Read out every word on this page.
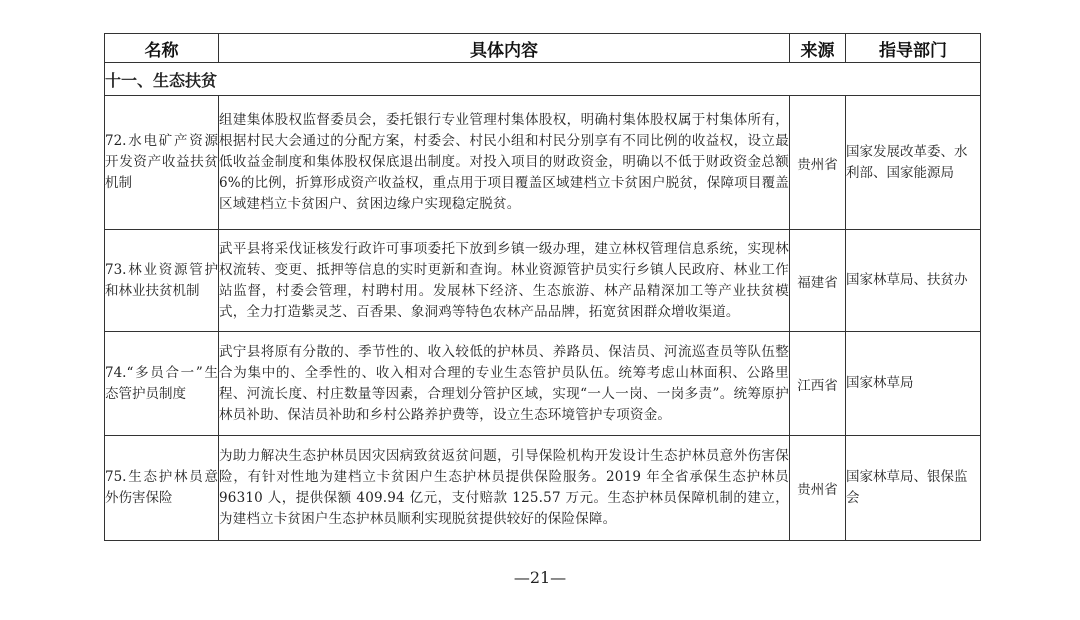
名称	具体内容	来源	指导部门
十一、生态扶贫			
72.水电矿产资源开发资产收益扶贫机制	组建集体股权监督委员会，委托银行专业管理村集体股权，明确村集体股权属于村集体所有，根据村民大会通过的分配方案，村委会、村民小组和村民分别享有不同比例的收益权，设立最低收益金制度和集体股权保底退出制度。对投入项目的财政资金，明确以不低于财政资金总额6%的比例，折算形成资产收益权，重点用于项目覆盖区域建档立卡贫困户脱贫，保障项目覆盖区域建档立卡贫困户、贫困边缘户实现稳定脱贫。	贵州省	国家发展改革委、水利部、国家能源局
73.林业资源管护和林业扶贫机制	武平县将采伐证核发行政许可事项委托下放到乡镇一级办理，建立林权管理信息系统，实现林权流转、变更、抵押等信息的实时更新和查询。林业资源管护员实行乡镇人民政府、林业工作站监督，村委会管理，村聘村用。发展林下经济、生态旅游、林产品精深加工等产业扶贫模式，全力打造紫灵芝、百香果、象洞鸡等特色农林产品品牌，拓宽贫困群众增收渠道。	福建省	国家林草局、扶贫办
74.“多员合一”生态管护员制度	武宁县将原有分散的、季节性的、收入较低的护林员、养路员、保洁员、河流巡查员等队伍整合为集中的、全季性的、收入相对合理的专业生态管护员队伍。统筹考虑山林面积、公路里程、河流长度、村庄数量等因素，合理划分管护区域，实现“一人一岗、一岗多责”。统筹原护林员补助、保洁员补助和乡村公路养护费等，设立生态环境管护专项资金。	江西省	国家林草局
75.生态护林员意外伤害保险	为助力解决生态护林员因灾因病致贫返贫问题，引导保险机构开发设计生态护林员意外伤害保险，有针对性地为建档立卡贫困户生态护林员提供保险服务。2019 年全省承保生态护林员 96310 人，提供保额 409.94 亿元，支付赔款 125.57 万元。生态护林员保障机制的建立，为建档立卡贫困户生态护林员顺利实现脱贫提供较好的保险保障。	贵州省	国家林草局、银保监会
—21—
